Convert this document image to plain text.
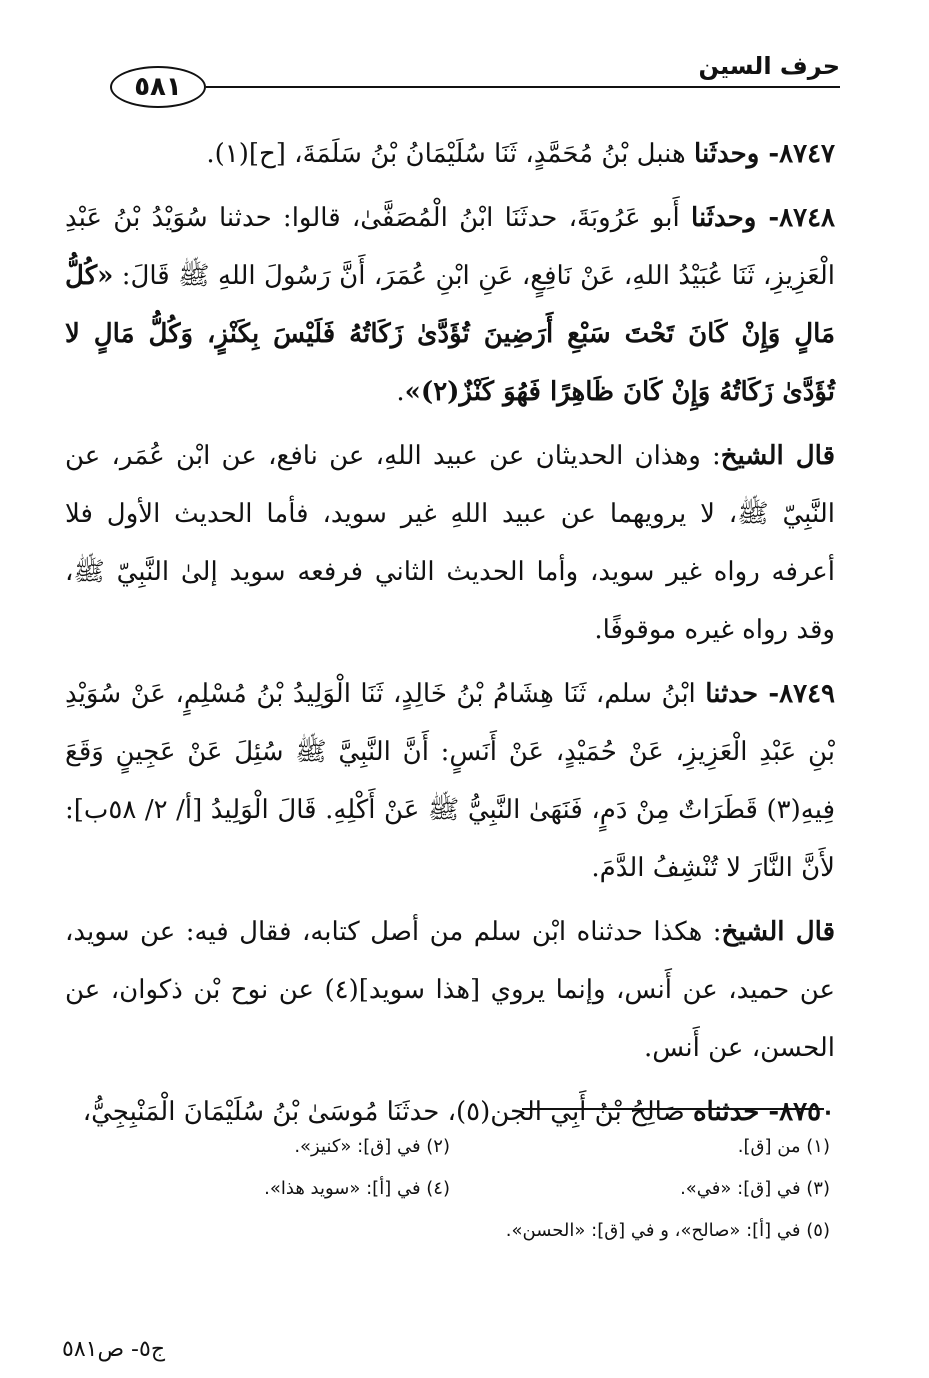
حرف السين
٥٨١

٨٧٤٧- وحدثَنا هنبل بْنُ مُحَمَّدٍ، ثَنَا سُلَيْمَانُ بْنُ سَلَمَةَ، [ح](١).

٨٧٤٨- وحدثَنا أَبو عَرُوبَةَ، حدثَنَا ابْنُ الْمُصَفَّىٰ، قالوا: حدثنا سُوَيْدُ بْنُ عَبْدِ الْعَزِيزِ، ثَنَا عُبَيْدُ اللهِ، عَنْ نَافِعٍ، عَنِ ابْنِ عُمَرَ، أَنَّ رَسُولَ اللهِ ﷺ قَالَ: «كُلُّ مَالٍ وَإِنْ كَانَ تَحْتَ سَبْعِ أَرَضِينَ تُؤَدَّىٰ زَكَاتُهُ فَلَيْسَ بِكَنْزٍ، وَكُلُّ مَالٍ لا تُؤَدَّىٰ زَكَاتُهُ وَإِنْ كَانَ ظَاهِرًا فَهُوَ كَنْزٌ(٢)».

قال الشيخ: وهذان الحديثان عن عبيد اللهِ، عن نافع، عن ابْن عُمَر، عن النَّبِيّ ﷺ، لا يرويهما عن عبيد اللهِ غير سويد، فأما الحديث الأول فلا أعرفه رواه غير سويد، وأما الحديث الثاني فرفعه سويد إلىٰ النَّبِيّ ﷺ، وقد رواه غيره موقوفًا.

٨٧٤٩- حدثنا ابْنُ سلم، ثَنَا هِشَامُ بْنُ خَالِدٍ، ثَنَا الْوَلِيدُ بْنُ مُسْلِمٍ، عَنْ سُوَيْدِ بْنِ عَبْدِ الْعَزِيزِ، عَنْ حُمَيْدٍ، عَنْ أَنَسٍ: أَنَّ النَّبِيَّ ﷺ سُئِلَ عَنْ عَجِينٍ وَقَعَ فِيهِ(٣) قَطَرَاتٌ مِنْ دَمٍ، فَنَهَىٰ النَّبِيُّ ﷺ عَنْ أَكْلِهِ. قَالَ الْوَلِيدُ [أ/ ٢/ ٥٨ب]: لأَنَّ النَّارَ لا تُنْشِفُ الدَّمَ.

قال الشيخ: هكذا حدثناه ابْن سلم من أصل كتابه، فقال فيه: عن سويد، عن حميد، عن أَنس، وإنما يروي [هذا سويد](٤) عن نوح بْن ذكوان، عن الحسن، عن أَنس.

٨٧٥٠- حدثناه صَالِحُ بْنُ أَبِي الجن(٥)، حدثَنَا مُوسَىٰ بْنُ سُلَيْمَانَ الْمَنْبِجِيُّ،

(١) من [ق].
(٢) في [ق]: «كنيز».
(٣) في [ق]: «في».
(٤) في [أ]: «سويد هذا».
(٥) في [أ]: «صالح»، و في [ق]: «الحسن».
ج٥- ص٥٨١
